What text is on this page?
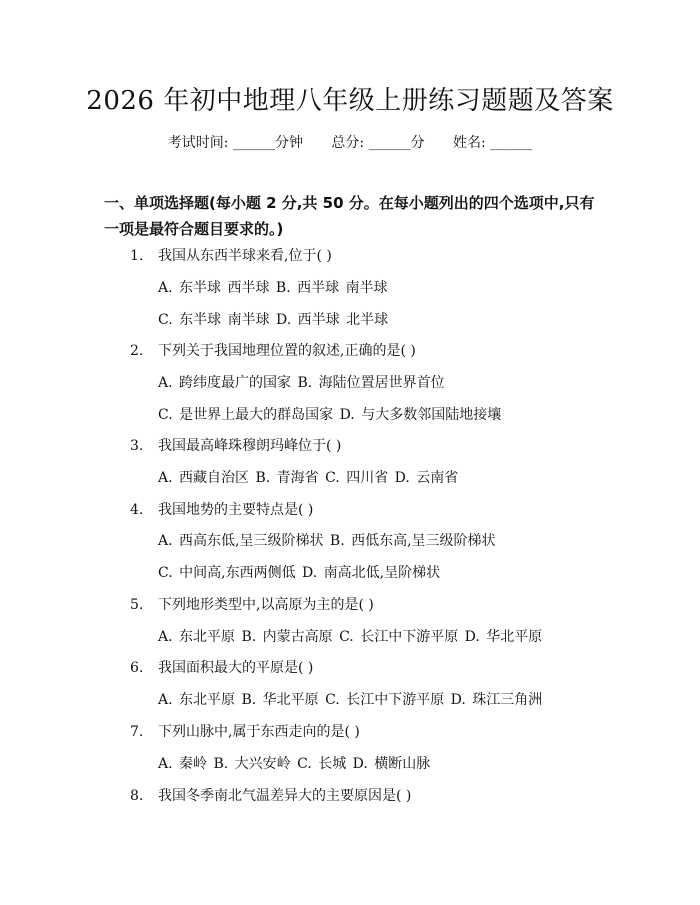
2026 年初中地理八年级上册练习题题及答案
考试时间: ______分钟 总分: ______分 姓名: ______

一、单项选择题(每小题 2 分,共 50 分。在每小题列出的四个选项中,只有一项是最符合题目要求的。)

1. 我国从东西半球来看,位于( )
A. 东半球 西半球 B. 西半球 南半球
C. 东半球 南半球 D. 西半球 北半球
2. 下列关于我国地理位置的叙述,正确的是( )
A. 跨纬度最广的国家 B. 海陆位置居世界首位
C. 是世界上最大的群岛国家 D. 与大多数邻国陆地接壤
3. 我国最高峰珠穆朗玛峰位于( )
A. 西藏自治区 B. 青海省 C. 四川省 D. 云南省
4. 我国地势的主要特点是( )
A. 西高东低,呈三级阶梯状 B. 西低东高,呈三级阶梯状
C. 中间高,东西两侧低 D. 南高北低,呈阶梯状
5. 下列地形类型中,以高原为主的是( )
A. 东北平原 B. 内蒙古高原 C. 长江中下游平原 D. 华北平原
6. 我国面积最大的平原是( )
A. 东北平原 B. 华北平原 C. 长江中下游平原 D. 珠江三角洲
7. 下列山脉中,属于东西走向的是( )
A. 秦岭 B. 大兴安岭 C. 长城 D. 横断山脉
8. 我国冬季南北气温差异大的主要原因是( )
